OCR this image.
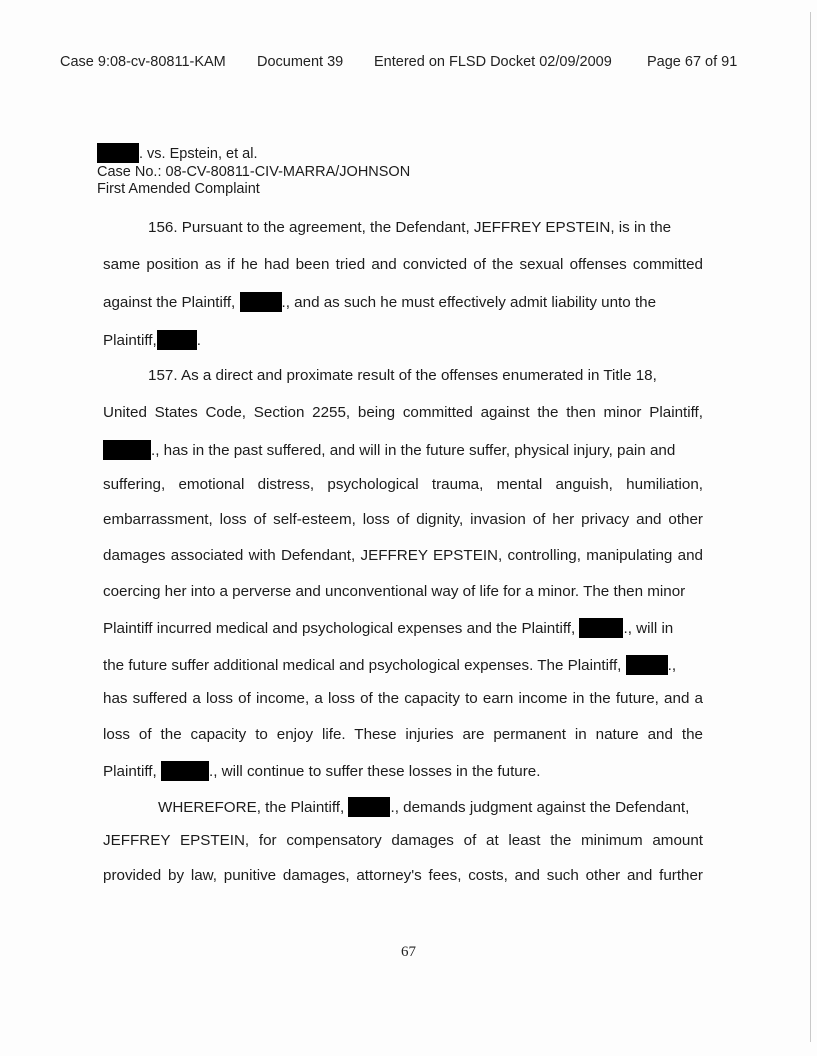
Case 9:08-cv-80811-KAM Document 39 Entered on FLSD Docket 02/09/2009 Page 67 of 91
. vs. Epstein, et al.
Case No.: 08-CV-80811-CIV-MARRA/JOHNSON
First Amended Complaint
156. Pursuant to the agreement, the Defendant, JEFFREY EPSTEIN, is in the
same position as if he had been tried and convicted of the sexual offenses committed
against the Plaintiff,	., and as such he must effectively admit liability unto the
Plaintiff,	.
157. As a direct and proximate result of the offenses enumerated in Title 18,
United States Code, Section 2255, being committed against the then minor Plaintiff,
., has in the past suffered, and will in the future suffer, physical injury, pain and
suffering, emotional distress, psychological trauma, mental anguish, humiliation,
embarrassment, loss of self-esteem, loss of dignity, invasion of her privacy and other
damages associated with Defendant, JEFFREY EPSTEIN, controlling, manipulating and
coercing her into a perverse and unconventional way of life for a minor. The then minor
Plaintiff incurred medical and psychological expenses and the Plaintiff,	., will in
the future suffer additional medical and psychological expenses. The Plaintiff,	.,
has suffered a loss of income, a loss of the capacity to earn income in the future, and a
loss of the capacity to enjoy life. These injuries are permanent in nature and the
Plaintiff,	., will continue to suffer these losses in the future.
WHEREFORE, the Plaintiff,	., demands judgment against the Defendant,
JEFFREY EPSTEIN, for compensatory damages of at least the minimum amount
provided by law, punitive damages, attorney's fees, costs, and such other and further
67
